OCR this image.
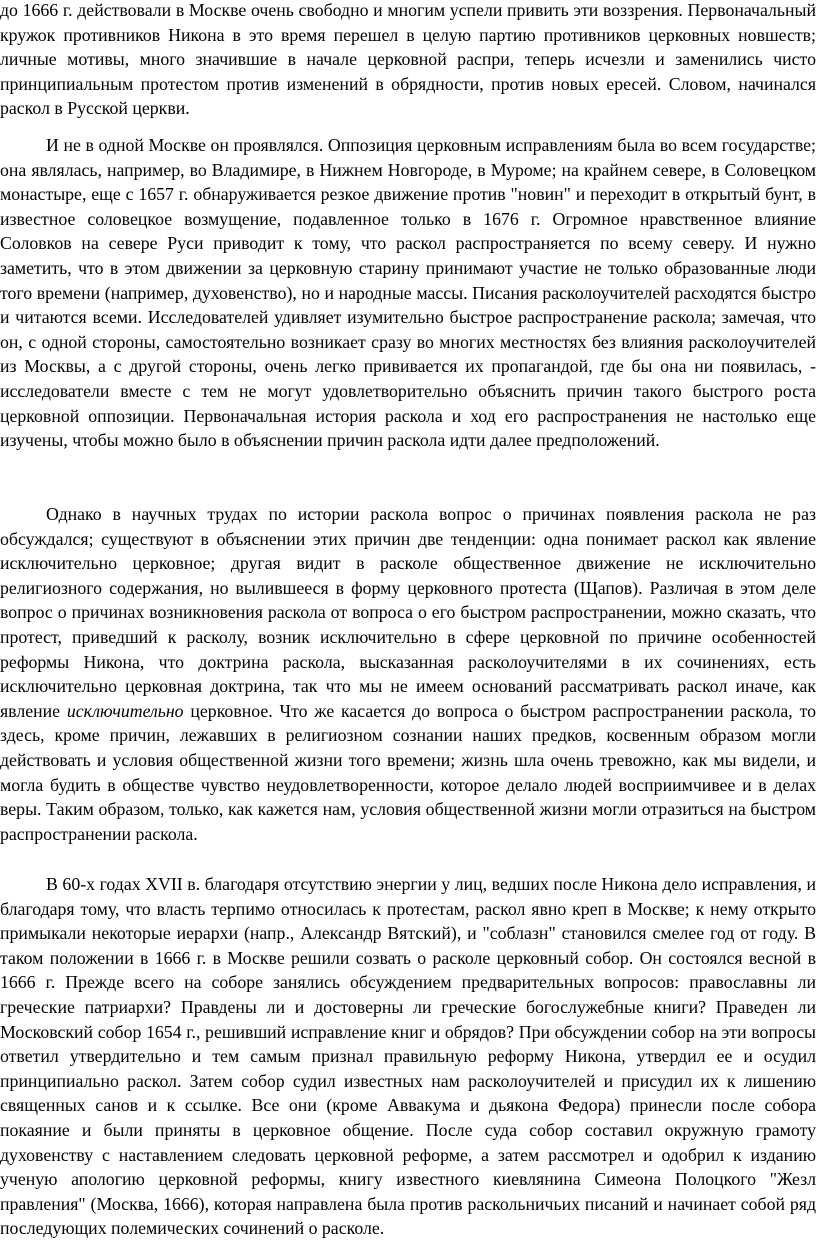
до 1666 г. действовали в Москве очень свободно и многим успели привить эти воззрения. Первоначальный кружок противников Никона в это время перешел в целую партию противников церковных новшеств; личные мотивы, много значившие в начале церковной распри, теперь исчезли и заменились чисто принципиальным протестом против изменений в обрядности, против новых ересей. Словом, начинался раскол в Русской церкви.

И не в одной Москве он проявлялся. Оппозиция церковным исправлениям была во всем государстве; она являлась, например, во Владимире, в Нижнем Новгороде, в Муроме; на крайнем севере, в Соловецком монастыре, еще с 1657 г. обнаруживается резкое движение против "новин" и переходит в открытый бунт, в известное соловецкое возмущение, подавленное только в 1676 г. Огромное нравственное влияние Соловков на севере Руси приводит к тому, что раскол распространяется по всему северу. И нужно заметить, что в этом движении за церковную старину принимают участие не только образованные люди того времени (например, духовенство), но и народные массы. Писания расколоучителей расходятся быстро и читаются всеми. Исследователей удивляет изумительно быстрое распространение раскола; замечая, что он, с одной стороны, самостоятельно возникает сразу во многих местностях без влияния расколоучителей из Москвы, а с другой стороны, очень легко прививается их пропагандой, где бы она ни появилась, - исследователи вместе с тем не могут удовлетворительно объяснить причин такого быстрого роста церковной оппозиции. Первоначальная история раскола и ход его распространения не настолько еще изучены, чтобы можно было в объяснении причин раскола идти далее предположений.

Однако в научных трудах по истории раскола вопрос о причинах появления раскола не раз обсуждался; существуют в объяснении этих причин две тенденции: одна понимает раскол как явление исключительно церковное; другая видит в расколе общественное движение не исключительно религиозного содержания, но вылившееся в форму церковного протеста (Щапов). Различая в этом деле вопрос о причинах возникновения раскола от вопроса о его быстром распространении, можно сказать, что протест, приведший к расколу, возник исключительно в сфере церковной по причине особенностей реформы Никона, что доктрина раскола, высказанная расколоучителями в их сочинениях, есть исключительно церковная доктрина, так что мы не имеем оснований рассматривать раскол иначе, как явление исключительно церковное. Что же касается до вопроса о быстром распространении раскола, то здесь, кроме причин, лежавших в религиозном сознании наших предков, косвенным образом могли действовать и условия общественной жизни того времени; жизнь шла очень тревожно, как мы видели, и могла будить в обществе чувство неудовлетворенности, которое делало людей восприимчивее и в делах веры. Таким образом, только, как кажется нам, условия общественной жизни могли отразиться на быстром распространении раскола.

В 60-х годах XVII в. благодаря отсутствию энергии у лиц, ведших после Никона дело исправления, и благодаря тому, что власть терпимо относилась к протестам, раскол явно креп в Москве; к нему открыто примыкали некоторые иерархи (напр., Александр Вятский), и "соблазн" становился смелее год от году. В таком положении в 1666 г. в Москве решили созвать о расколе церковный собор. Он состоялся весной в 1666 г. Прежде всего на соборе занялись обсуждением предварительных вопросов: православны ли греческие патриархи? Правдены ли и достоверны ли греческие богослужебные книги? Праведен ли Московский собор 1654 г., решивший исправление книг и обрядов? При обсуждении собор на эти вопросы ответил утвердительно и тем самым признал правильную реформу Никона, утвердил ее и осудил принципиально раскол. Затем собор судил известных нам расколоучителей и присудил их к лишению священных санов и к ссылке. Все они (кроме Аввакума и дьякона Федора) принесли после собора покаяние и были приняты в церковное общение. После суда собор составил окружную грамоту духовенству с наставлением следовать церковной реформе, а затем рассмотрел и одобрил к изданию ученую апологию церковной реформы, книгу известного киевлянина Симеона Полоцкого "Жезл правления" (Москва, 1666), которая направлена была против раскольничьих писаний и начинает собой ряд последующих полемических сочинений о расколе.
